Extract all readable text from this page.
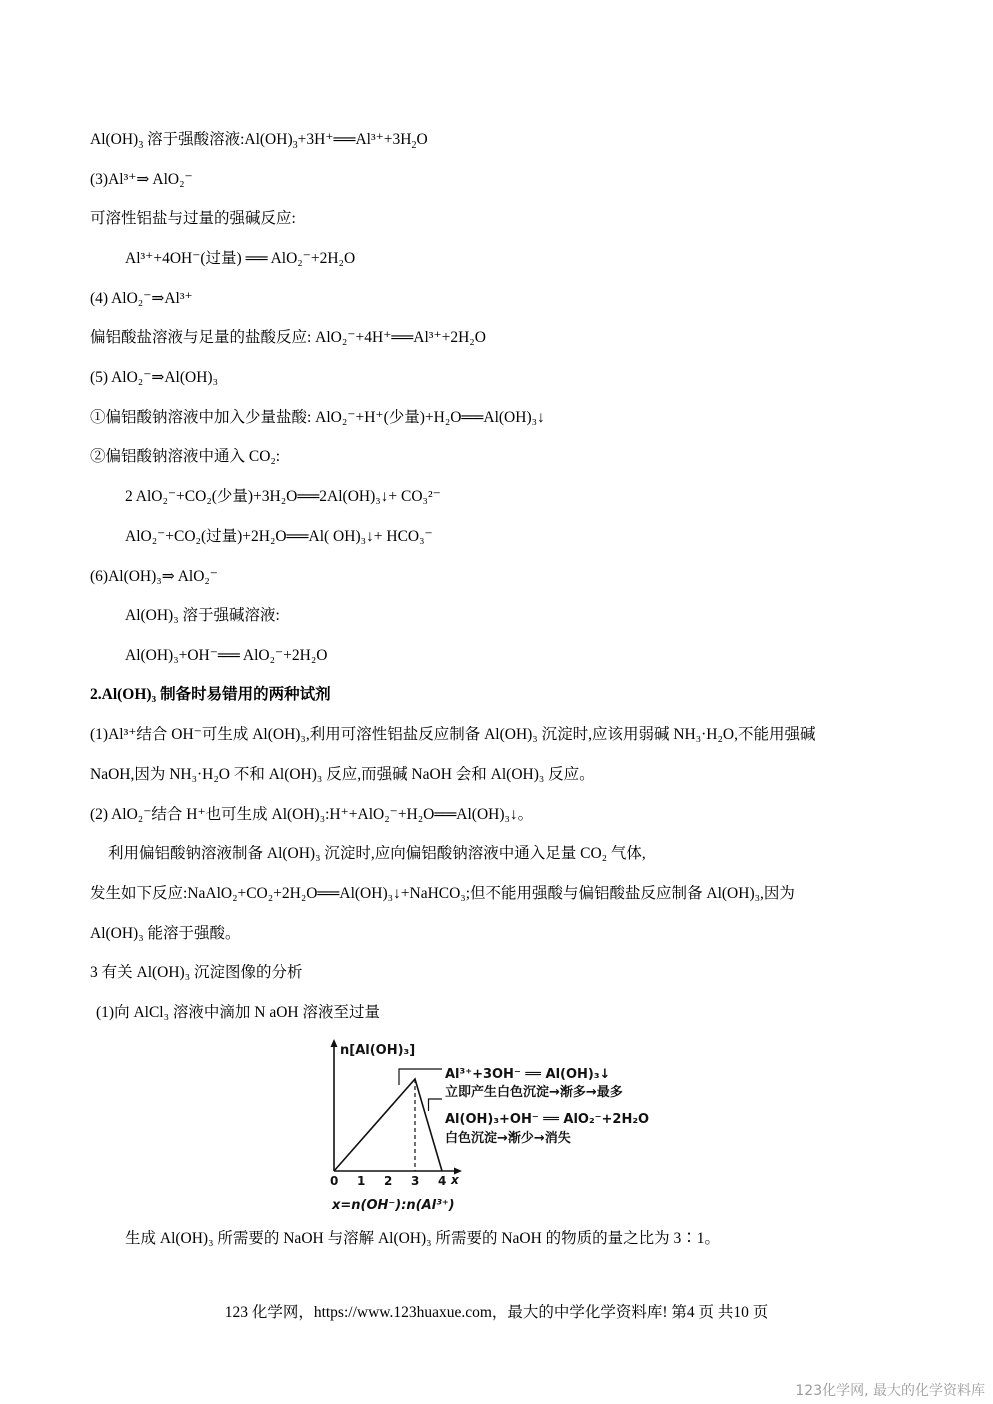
$Al(OH)_3$ 溶于强酸溶液$:Al(OH)_3+3H^+══Al^{3+}+3H_2O$
(3)Al³⁺⇒ AlO₂⁻
可溶性铝盐与过量的强碱反应:
Al³⁺+4OH⁻(过量) ══ AlO₂⁻+2H₂O
(4) AlO₂⁻⇒Al³⁺
偏铝酸盐溶液与足量的盐酸反应: AlO₂⁻+4H⁺══Al³⁺+2H₂O
(5) AlO₂⁻⇒Al(OH)₃
①偏铝酸钠溶液中加入少量盐酸: AlO₂⁻+H⁺(少量)+H₂O══Al(OH)₃↓
②偏铝酸钠溶液中通入 CO₂:
2 AlO₂⁻+CO₂(少量)+3H₂O══2Al(OH)₃↓+ CO₃²⁻
AlO₂⁻+CO₂(过量)+2H₂O══Al( OH)₃↓+ HCO₃⁻
(6)Al(OH)₃⇒ AlO₂⁻
Al(OH)₃ 溶于强碱溶液:
Al(OH)₃+OH⁻══ AlO₂⁻+2H₂O
2.Al(OH)₃ 制备时易错用的两种试剂
(1)Al³⁺结合 OH⁻可生成 Al(OH)₃,利用可溶性铝盐反应制备 Al(OH)₃ 沉淀时,应该用弱碱 NH₃·H₂O,不能用强碱
NaOH,因为 NH₃·H₂O 不和 Al(OH)₃ 反应,而强碱 NaOH 会和 Al(OH)₃ 反应。
(2) AlO₂⁻结合 H⁺也可生成 Al(OH)₃:H⁺+AlO₂⁻+H₂O══Al(OH)₃↓。
利用偏铝酸钠溶液制备 Al(OH)₃ 沉淀时,应向偏铝酸钠溶液中通入足量 CO₂ 气体,
发生如下反应:NaAlO₂+CO₂+2H₂O══Al(OH)₃↓+NaHCO₃;但不能用强酸与偏铝酸盐反应制备 Al(OH)₃,因为
Al(OH)₃ 能溶于强酸。
3 有关 Al(OH)₃ 沉淀图像的分析
(1)向 AlCl₃ 溶液中滴加 N aOH 溶液至过量
n[Al(OH)₃]
x=n(OH⁻):n(Al³⁺)
x
0 1 2 3 4
Al³⁺+3OH⁻ ══ Al(OH)₃↓
立即产生白色沉淀→渐多→最多
Al(OH)₃+OH⁻ ══ AlO₂⁻+2H₂O
白色沉淀→渐少→消失
生成 Al(OH)₃ 所需要的 NaOH 与溶解 Al(OH)₃ 所需要的 NaOH 的物质的量之比为 3∶1。
123 化学网，https://www.123huaxue.com，最大的中学化学资料库! 第4 页 共10 页
123化学网, 最大的化学资料库
